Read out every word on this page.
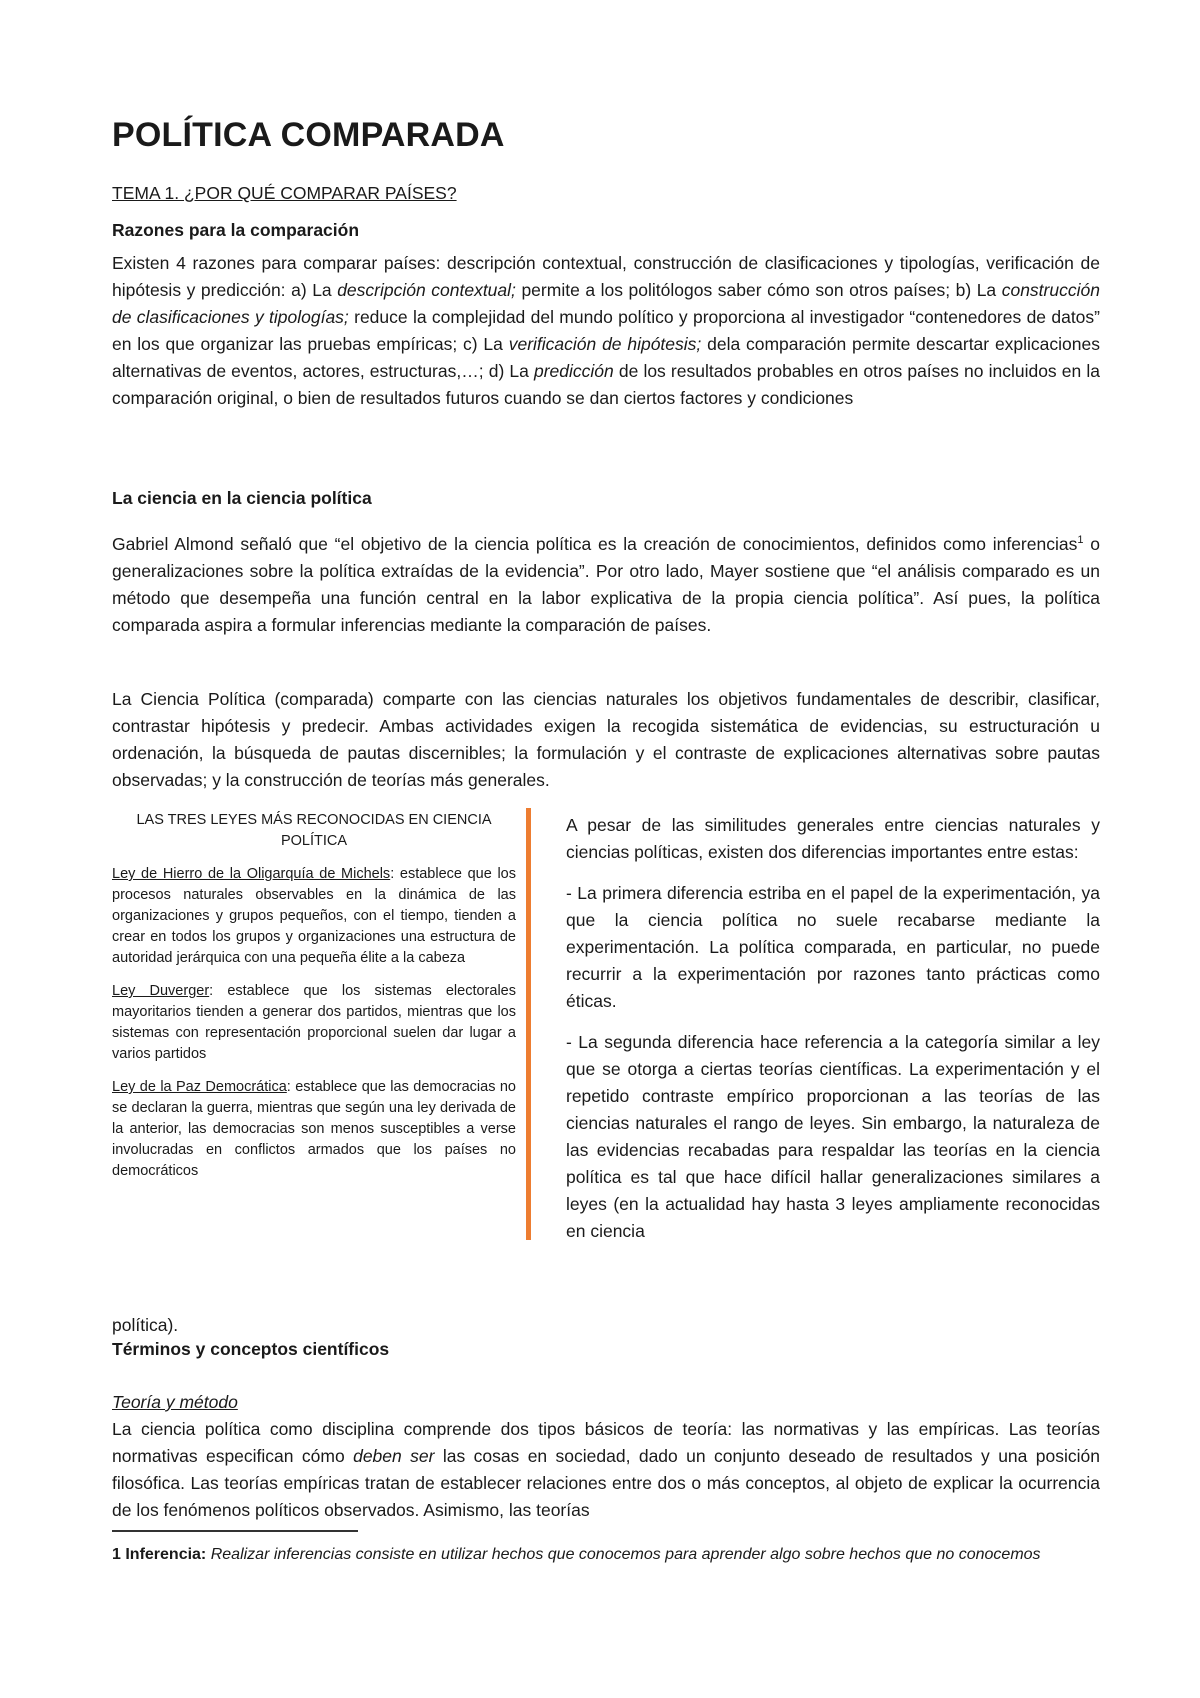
POLÍTICA COMPARADA
TEMA 1. ¿POR QUÉ COMPARAR PAÍSES?
Razones para la comparación

Existen 4 razones para comparar países: descripción contextual, construcción de clasificaciones y tipologías, verificación de hipótesis y predicción: a) La descripción contextual; permite a los politólogos saber cómo son otros países; b) La construcción de clasificaciones y tipologías; reduce la complejidad del mundo político y proporciona al investigador “contenedores de datos” en los que organizar las pruebas empíricas; c) La verificación de hipótesis; dela comparación permite descartar explicaciones alternativas de eventos, actores, estructuras,…; d) La predicción de los resultados probables en otros países no incluidos en la comparación original, o bien de resultados futuros cuando se dan ciertos factores y condiciones

La ciencia en la ciencia política

Gabriel Almond señaló que “el objetivo de la ciencia política es la creación de conocimientos, definidos como inferencias$^1$ o generalizaciones sobre la política extraídas de la evidencia”. Por otro lado, Mayer sostiene que “el análisis comparado es un método que desempeña una función central en la labor explicativa de la propia ciencia política”. Así pues, la política comparada aspira a formular inferencias mediante la comparación de países.

La Ciencia Política (comparada) comparte con las ciencias naturales los objetivos fundamentales de describir, clasificar, contrastar hipótesis y predecir. Ambas actividades exigen la recogida sistemática de evidencias, su estructuración u ordenación, la búsqueda de pautas discernibles; la formulación y el contraste de explicaciones alternativas sobre pautas observadas; y la construcción de teorías más generales.

LAS TRES LEYES MÁS RECONOCIDAS EN CIENCIA POLÍTICA

Ley de Hierro de la Oligarquía de Michels: establece que los procesos naturales observables en la dinámica de las organizaciones y grupos pequeños, con el tiempo, tienden a crear en todos los grupos y organizaciones una estructura de autoridad jerárquica con una pequeña élite a la cabeza

Ley Duverger: establece que los sistemas electorales mayoritarios tienden a generar dos partidos, mientras que los sistemas con representación proporcional suelen dar lugar a varios partidos

Ley de la Paz Democrática: establece que las democracias no se declaran la guerra, mientras que según una ley derivada de la anterior, las democracias son menos susceptibles a verse involucradas en conflictos armados que los países no democráticos

A pesar de las similitudes generales entre ciencias naturales y ciencias políticas, existen dos diferencias importantes entre estas:

- La primera diferencia estriba en el papel de la experimentación, ya que la ciencia política no suele recabarse mediante la experimentación. La política comparada, en particular, no puede recurrir a la experimentación por razones tanto prácticas como éticas.

- La segunda diferencia hace referencia a la categoría similar a ley que se otorga a ciertas teorías científicas. La experimentación y el repetido contraste empírico proporcionan a las teorías de las ciencias naturales el rango de leyes. Sin embargo, la naturaleza de las evidencias recabadas para respaldar las teorías en la ciencia política es tal que hace difícil hallar generalizaciones similares a leyes (en la actualidad hay hasta 3 leyes ampliamente reconocidas en ciencia

política).
Términos y conceptos científicos
Teoría y método

La ciencia política como disciplina comprende dos tipos básicos de teoría: las normativas y las empíricas. Las teorías normativas especifican cómo deben ser las cosas en sociedad, dado un conjunto deseado de resultados y una posición filosófica. Las teorías empíricas tratan de establecer relaciones entre dos o más conceptos, al objeto de explicar la ocurrencia de los fenómenos políticos observados. Asimismo, las teorías

1 Inferencia: Realizar inferencias consiste en utilizar hechos que conocemos para aprender algo sobre hechos que no conocemos
